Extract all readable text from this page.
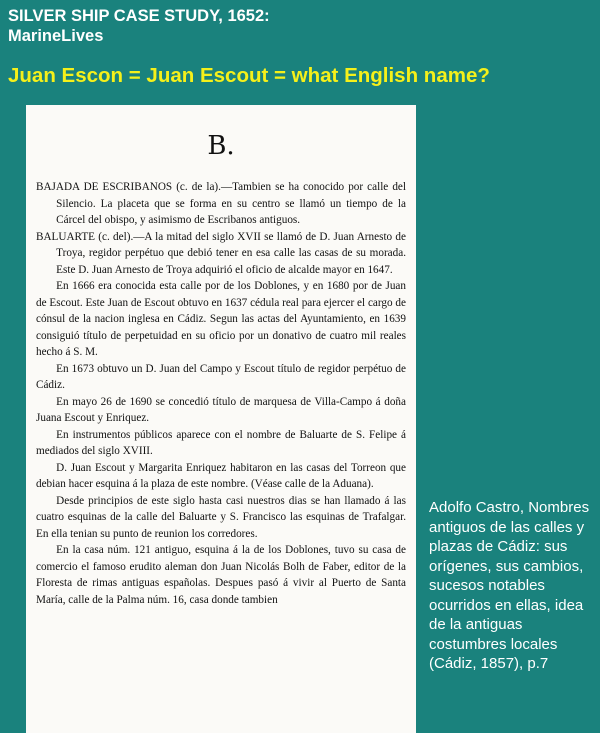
SILVER SHIP CASE STUDY, 1652:
MarineLives
Juan Escon = Juan Escout = what English name?
B.

BAJADA DE ESCRIBANOS (c. de la).—Tambien se ha conocido por calle del Silencio. La placeta que se forma en su centro se llamó un tiempo de la Cárcel del obispo, y asimismo de Escribanos antiguos.

BALUARTE (c. del).—A la mitad del siglo XVII se llamó de D. Juan Arnesto de Troya, regidor perpétuo que debió tener en esa calle las casas de su morada. Este D. Juan Arnesto de Troya adquirió el oficio de alcalde mayor en 1647.

En 1666 era conocida esta calle por de los Doblones, y en 1680 por de Juan de Escout. Este Juan de Escout obtuvo en 1637 cédula real para ejercer el cargo de cónsul de la nacion inglesa en Cádiz. Segun las actas del Ayuntamiento, en 1639 consiguió título de perpetuidad en su oficio por un donativo de cuatro mil reales hecho á S. M.

En 1673 obtuvo un D. Juan del Campo y Escout título de regidor perpétuo de Cádiz.

En mayo 26 de 1690 se concedió título de marquesa de Villa-Campo á doña Juana Escout y Enriquez.

En instrumentos públicos aparece con el nombre de Baluarte de S. Felipe á mediados del siglo XVIII.

D. Juan Escout y Margarita Enriquez habitaron en las casas del Torreon que debian hacer esquina á la plaza de este nombre. (Véase calle de la Aduana).

Desde principios de este siglo hasta casi nuestros dias se han llamado á las cuatro esquinas de la calle del Baluarte y S. Francisco las esquinas de Trafalgar. En ella tenian su punto de reunion los corredores.

En la casa núm. 121 antiguo, esquina á la de los Doblones, tuvo su casa de comercio el famoso erudito aleman don Juan Nicolás Bolh de Faber, editor de la Floresta de rimas antiguas españolas. Despues pasó á vivir al Puerto de Santa María, calle de la Palma núm. 16, casa donde tambien

Adolfo Castro, Nombres antiguos de las calles y plazas de Cádiz: sus orígenes, sus cambios, sucesos notables ocurridos en ellas, idea de la antiguas costumbres locales (Cádiz, 1857), p.7
